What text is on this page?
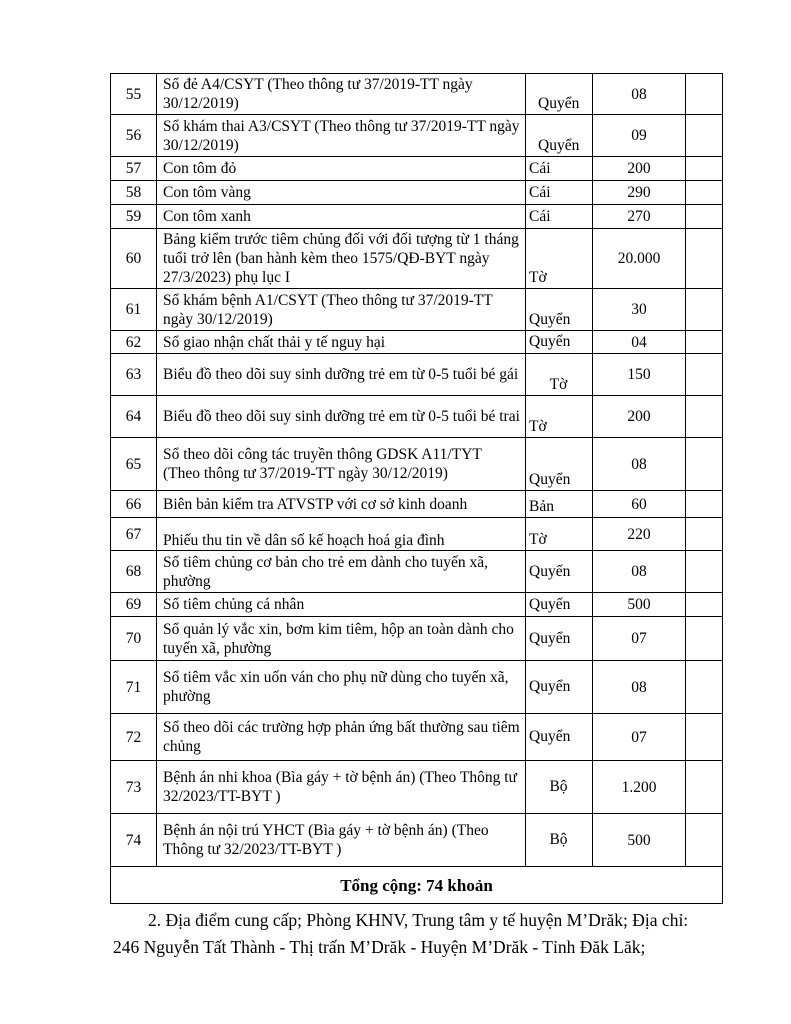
55	Sổ đẻ A4/CSYT (Theo thông tư 37/2019-TT ngày 30/12/2019)	Quyển	08	
56	Sổ khám thai A3/CSYT (Theo thông tư 37/2019-TT ngày 30/12/2019)	Quyển	09	
57	Con tôm đỏ	Cái	200	
58	Con tôm vàng	Cái	290	
59	Con tôm xanh	Cái	270	
60	Bảng kiểm trước tiêm chủng đối với đối tượng từ 1 tháng tuổi trở lên (ban hành kèm theo 1575/QĐ-BYT ngày 27/3/2023) phụ lục I	Tờ	20.000	
61	Sổ khám bệnh A1/CSYT (Theo thông tư 37/2019-TT ngày 30/12/2019)	Quyển	30	
62	Sổ giao nhận chất thải y tế nguy hại	Quyển	04	
63	Biểu đồ theo dõi suy sinh dưỡng trẻ em từ 0-5 tuổi bé gái	Tờ	150	
64	Biểu đồ theo dõi suy sinh dưỡng trẻ em từ 0-5 tuổi bé trai	Tờ	200	
65	Sổ theo dõi công tác truyền thông GDSK A11/TYT (Theo thông tư 37/2019-TT ngày 30/12/2019)	Quyển	08	
66	Biên bản kiểm tra ATVSTP với cơ sở kinh doanh	Bản	60	
67	Phiếu thu tin về dân số kế hoạch hoá gia đình	Tờ	220	
68	Sổ tiêm chủng cơ bản cho trẻ em dành cho tuyến xã, phường	Quyển	08	
69	Sổ tiêm chủng cá nhân	Quyển	500	
70	Sổ quản lý vắc xin, bơm kim tiêm, hộp an toàn dành cho tuyến xã, phường	Quyển	07	
71	Sổ tiêm vắc xin uốn ván cho phụ nữ dùng cho tuyến xã, phường	Quyển	08	
72	Sổ theo dõi các trường hợp phản ứng bất thường sau tiêm chủng	Quyển	07	
73	Bệnh án nhi khoa (Bìa gáy + tờ bệnh án) (Theo Thông tư 32/2023/TT-BYT )	Bộ	1.200	
74	Bệnh án nội trú YHCT (Bìa gáy + tờ bệnh án) (Theo Thông tư 32/2023/TT-BYT )	Bộ	500	
Tổng cộng: 74 khoản				

2. Địa điểm cung cấp; Phòng KHNV, Trung tâm y tế huyện M’Drăk; Địa chỉ:

246 Nguyễn Tất Thành - Thị trấn M’Drăk - Huyện M’Drăk - Tỉnh Đăk Lăk;
